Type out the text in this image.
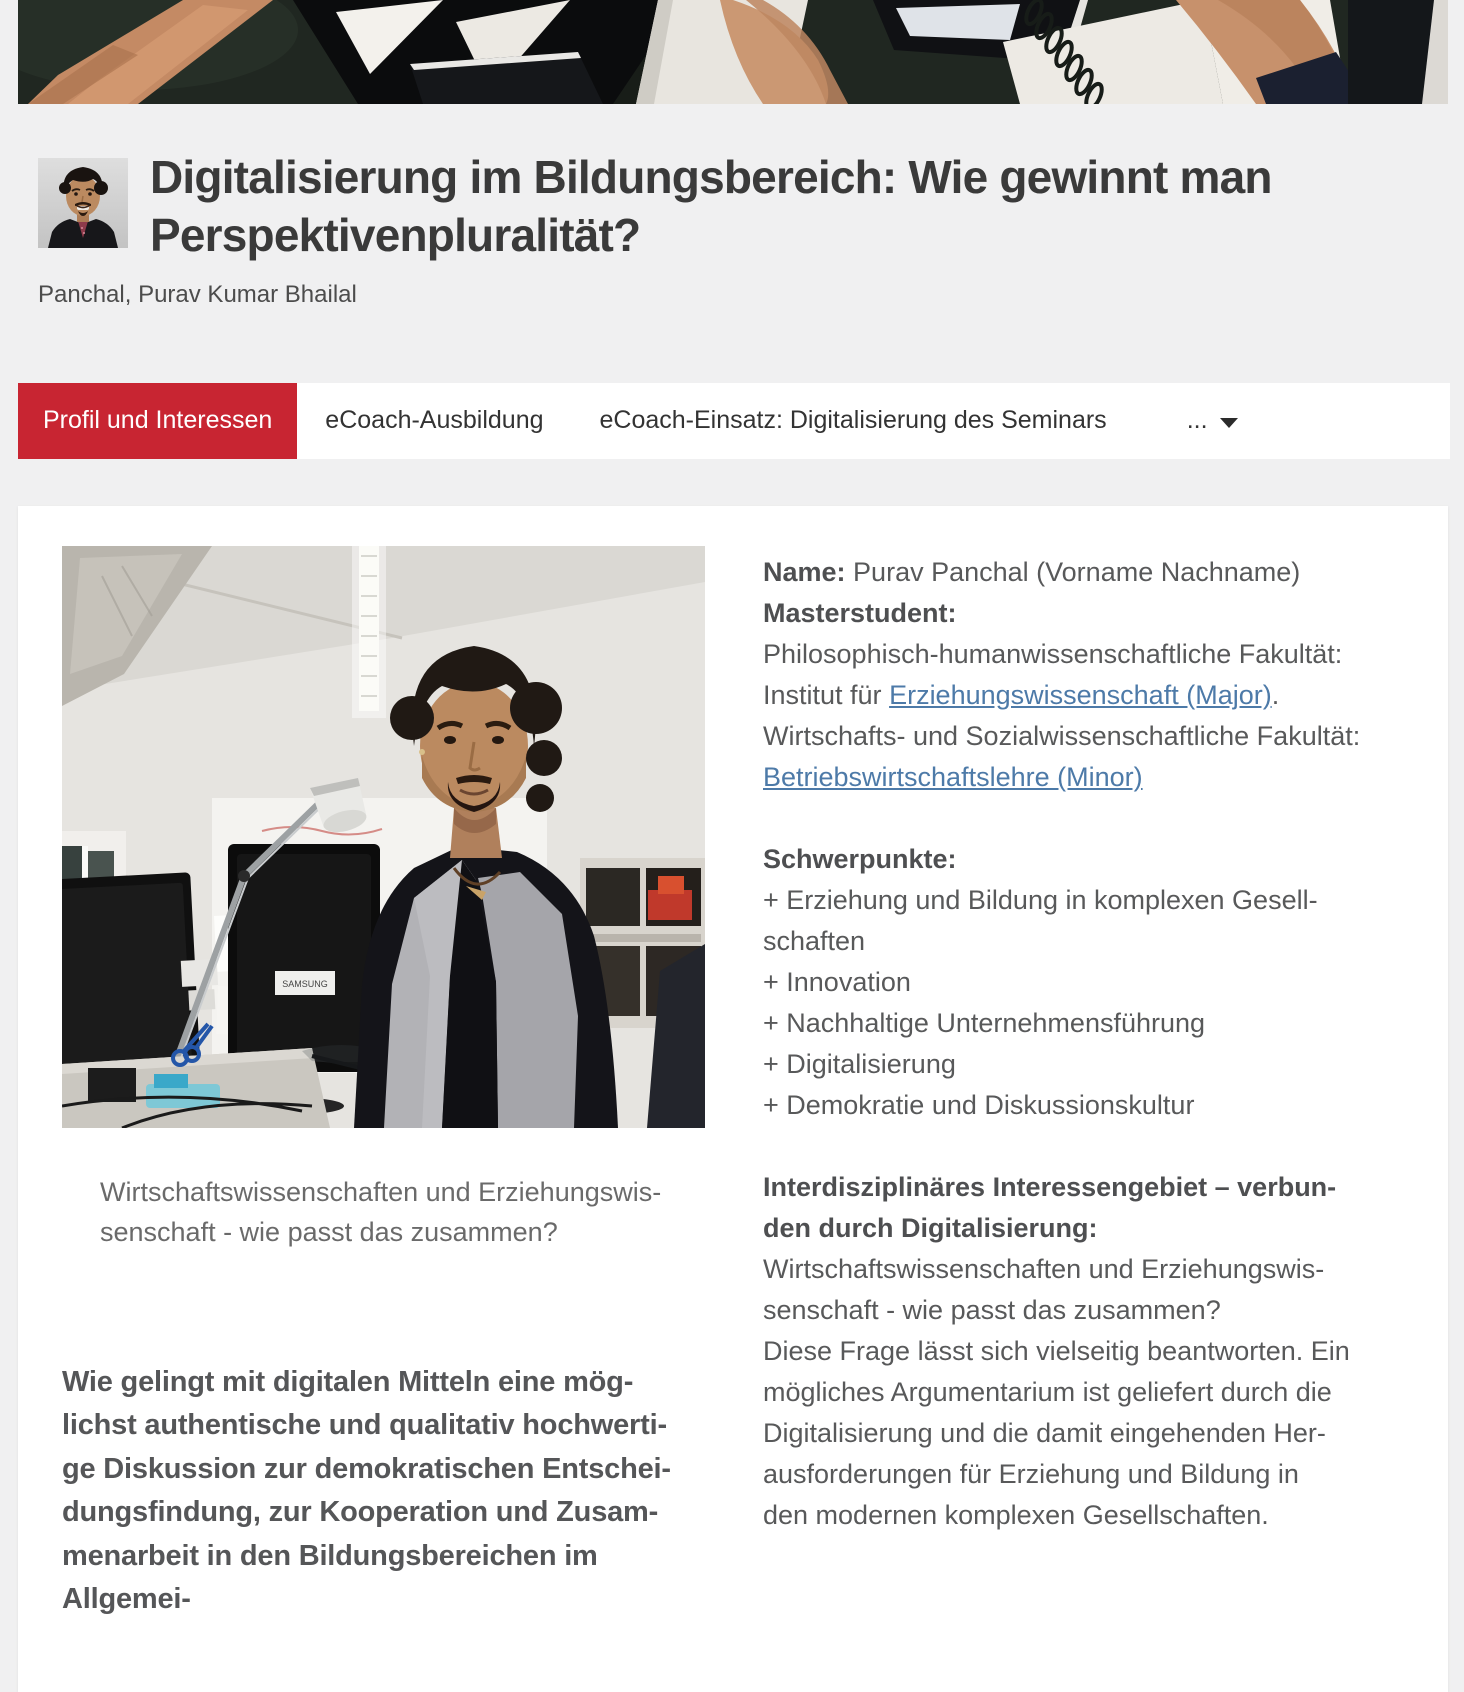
Digitalisierung im Bildungsbereich: Wie gewinnt man Perspektivenpluralität?
Panchal, Purav Kumar Bhailal
Profil und Interessen	eCoach-Ausbildung	eCoach-Einsatz: Digitalisierung des Seminars	...
SAMSUNG
Wirtschaftswissenschaften und Erziehungswis-
senschaft - wie passt das zusammen?
Wie gelingt mit digitalen Mitteln eine mög-
lichst authentische und qualitativ hochwerti-
ge Diskussion zur demokratischen Entschei-
dungsfindung, zur Kooperation und Zusam-
menarbeit in den Bildungsbereichen im Allgemei-
Name: Purav Panchal (Vorname Nachname)
Masterstudent:
Philosophisch-humanwissenschaftliche Fakultät:
Institut für Erziehungswissenschaft (Major).
Wirtschafts- und Sozialwissenschaftliche Fakultät:
Betriebswirtschaftslehre (Minor)
Schwerpunkte:
+ Erziehung und Bildung in komplexen Gesell-
schaften
+ Innovation
+ Nachhaltige Unternehmensführung
+ Digitalisierung
+ Demokratie und Diskussionskultur
Interdisziplinäres Interessengebiet – verbun-
den durch Digitalisierung:
Wirtschaftswissenschaften und Erziehungswis-
senschaft - wie passt das zusammen?
Diese Frage lässt sich vielseitig beantworten. Ein
mögliches Argumentarium ist geliefert durch die
Digitalisierung und die damit eingehenden Her-
ausforderungen für Erziehung und Bildung in
den modernen komplexen Gesellschaften.
